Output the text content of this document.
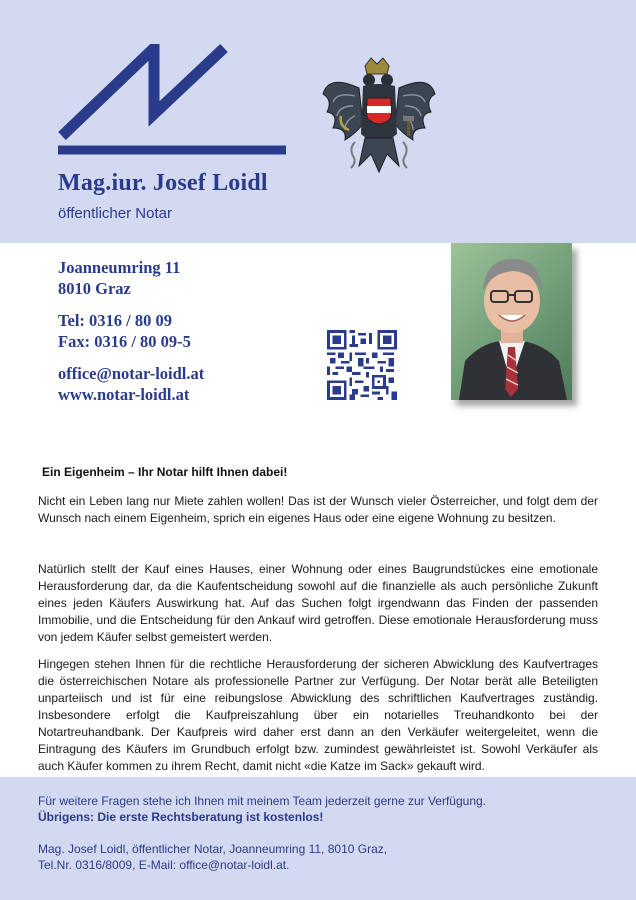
Mag.iur. Josef Loidl
öffentlicher Notar
Joanneumring 11
8010 Graz
Tel: 0316 / 80 09
Fax: 0316 / 80 09-5
office@notar-loidl.at
www.notar-loidl.at
Ein Eigenheim – Ihr Notar hilft Ihnen dabei!

Nicht ein Leben lang nur Miete zahlen wollen! Das ist der Wunsch vieler Österreicher, und folgt dem der Wunsch nach einem Eigenheim, sprich ein eigenes Haus oder eine eigene Wohnung zu besitzen.

Natürlich stellt der Kauf eines Hauses, einer Wohnung oder eines Baugrundstückes eine emotionale Herausforderung dar, da die Kaufentscheidung sowohl auf die finanzielle als auch persönliche Zukunft eines jeden Käufers Auswirkung hat. Auf das Suchen folgt irgendwann das Finden der passenden Immobilie, und die Entscheidung für den Ankauf wird getroffen. Diese emotionale Herausforderung muss von jedem Käufer selbst gemeistert werden.

Hingegen stehen Ihnen für die rechtliche Herausforderung der sicheren Abwicklung des Kaufvertrages die österreichischen Notare als professionelle Partner zur Verfügung. Der Notar berät alle Beteiligten unparteiisch und ist für eine reibungslose Abwicklung des schriftlichen Kaufvertrages zuständig. Insbesondere erfolgt die Kaufpreiszahlung über ein notarielles Treuhandkonto bei der Notartreuhandbank. Der Kaufpreis wird daher erst dann an den Verkäufer weitergeleitet, wenn die Eintragung des Käufers im Grundbuch erfolgt bzw. zumindest gewährleistet ist. Sowohl Verkäufer als auch Käufer kommen zu ihrem Recht, damit nicht «die Katze im Sack» gekauft wird.

Für weitere Fragen stehe ich Ihnen mit meinem Team jederzeit gerne zur Verfügung.
Übrigens: Die erste Rechtsberatung ist kostenlos!
Mag. Josef Loidl, öffentlicher Notar, Joanneumring 11, 8010 Graz,
Tel.Nr. 0316/8009, E-Mail: office@notar-loidl.at.
